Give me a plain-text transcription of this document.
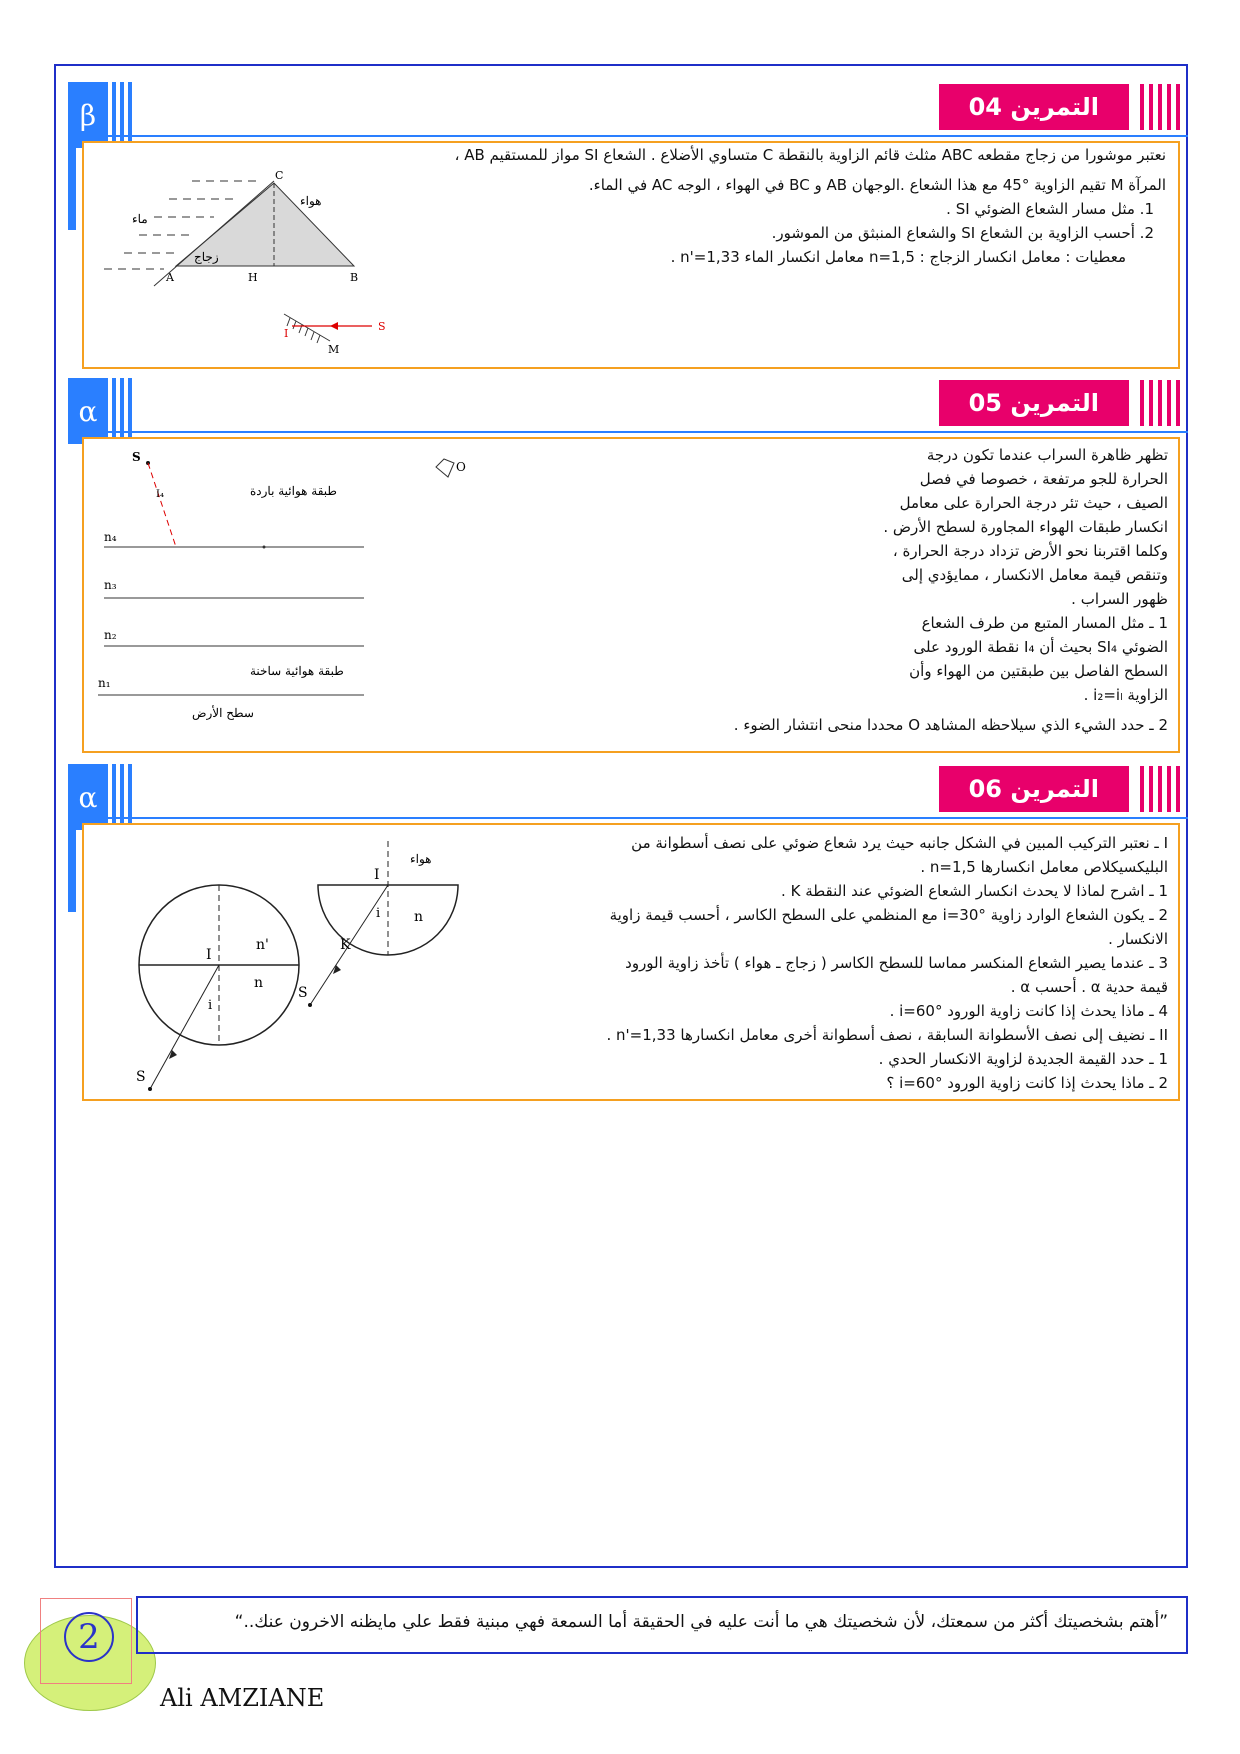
β	التمرين 04
نعتبر موشورا من زجاج مقطعه ABC مثلث قائم الزاوية بالنقطة C متساوي الأضلاع . الشعاع SI مواز للمستقيم AB ،
المرآة M تقيم الزاوية °45 مع هذا الشعاع .الوجهان AB و BC في الهواء ، الوجه AC في الماء.
1. مثل مسار الشعاع الضوئي SI .
2. أحسب الزاوية بن الشعاع SI والشعاع المنبثق من الموشور.
معطيات : معامل انكسار الزجاج : n=1,5 معامل انكسار الماء n'=1,33 .
C
A	H	B
هواء
ماء
زجاج
S
I
M
α	التمرين 05
تظهر ظاهرة السراب عندما تكون درجة
الحرارة للجو مرتفعة ، خصوصا في فصل
الصيف ، حيث تئر درجة الحرارة على معامل
انكسار طبقات الهواء المجاورة لسطح الأرض .
وكلما اقتربنا نحو الأرض تزداد درجة الحرارة ،
وتنقص قيمة معامل الانكسار ، ممايؤدي إلى
ظهور السراب .
1 ـ مثل المسار المتبع من طرف الشعاع
الضوئي SI₄ بحيث أن I₄ نقطة الورود على
السطح الفاصل بين طبقتين من الهواء وأن
الزاوية i₂=iₗ .
2 ـ حدد الشيء الذي سيلاحظه المشاهد O محددا منحى انتشار الضوء .
S
I₄	طبقة هوائية باردة
n₄
n₃
n₂
طبقة هوائية ساخنة
n₁
سطح الأرض
O
α	التمرين 06
I ـ نعتبر التركيب المبين في الشكل جانبه حيث يرد شعاع ضوئي على نصف أسطوانة من
البليكسيكلاص معامل انكسارها n=1,5 .
1 ـ اشرح لماذا لا يحدث انكسار الشعاع الضوئي عند النقطة K .
2 ـ يكون الشعاع الوارد زاوية i=30° مع المنظمي على السطح الكاسر ، أحسب قيمة زاوية
الانكسار .
3 ـ عندما يصير الشعاع المنكسر مماسا للسطح الكاسر ( زجاج ـ هواء ) تأخذ زاوية الورود
قيمة حدية α . أحسب α .
4 ـ ماذا يحدث إذا كانت زاوية الورود i=60° .
II ـ نضيف إلى نصف الأسطوانة السابقة ، نصف أسطوانة أخرى معامل انكسارها n'=1,33 .
1 ـ حدد القيمة الجديدة لزاوية الانكسار الحدي .
2 ـ ماذا يحدث إذا كانت زاوية الورود i=60° ؟
I
n'
n
i
S
هواء
I
n
i
K
S
2	”أهتم بشخصيتك أكثر من سمعتك، لأن شخصيتك هي ما أنت عليه في الحقيقة أما السمعة فهي مبنية فقط علي مايظنه الاخرون عنك..“
Ali AMZIANE
